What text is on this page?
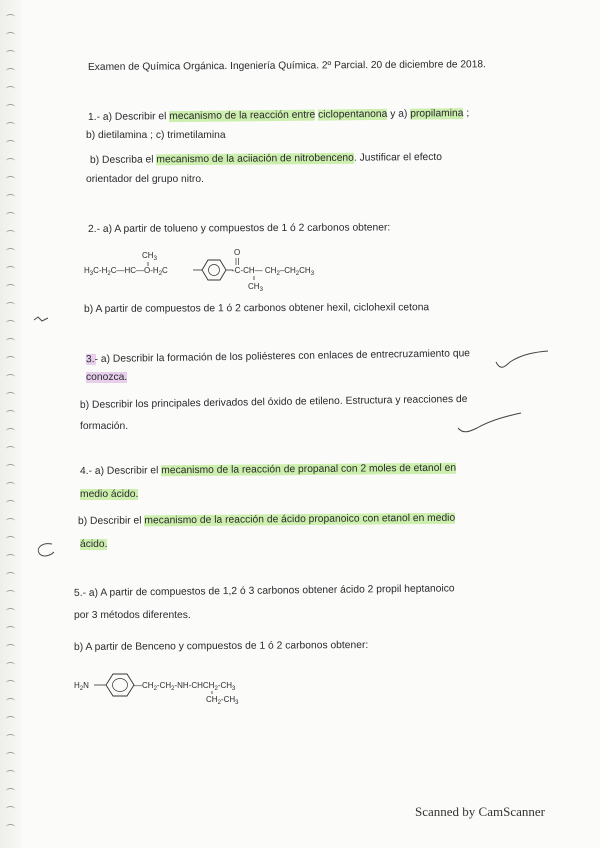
Examen de Química Orgánica. Ingeniería Química. 2º Parcial. 20 de diciembre de 2018.
1.- a) Describir el mecanismo de la reacción entre ciclopentanona y a) propilamina ;
b) dietilamina ; c) trimetilamina
b) Describa el mecanismo de la aciiación de nitrobenceno. Justificar el efecto
orientador del grupo nitro.
2.- a) A partir de tolueno y compuestos de 1 ó 2 carbonos obtener:
$CH_3$
$H_3C-H_2C—HC—O-H_2C$
O
-C-CH— $CH_2-CH_2CH_3$
$CH_3$
b) A partir de compuestos de 1 ó 2 carbonos obtener hexil, ciclohexil cetona
3.- a) Describir la formación de los poliésteres con enlaces de entrecruzamiento que
conozca.
b) Describir los principales derivados del óxido de etileno. Estructura y reacciones de
formación.
4.- a) Describir el mecanismo de la reacción de propanal con 2 moles de etanol en
medio ácido.
b) Describir el mecanismo de la reacción de ácido propanoico con etanol en medio
ácido.
5.- a) A partir de compuestos de 1,2 ó 3 carbonos obtener ácido 2 propil heptanoico
por 3 métodos diferentes.
b) A partir de Benceno y compuestos de 1 ó 2 carbonos obtener:
$H_2N$	$—CH_2-CH_2-NH-CHCH_2-CH_3$
$CH_2-CH_3$
Scanned by CamScanner
